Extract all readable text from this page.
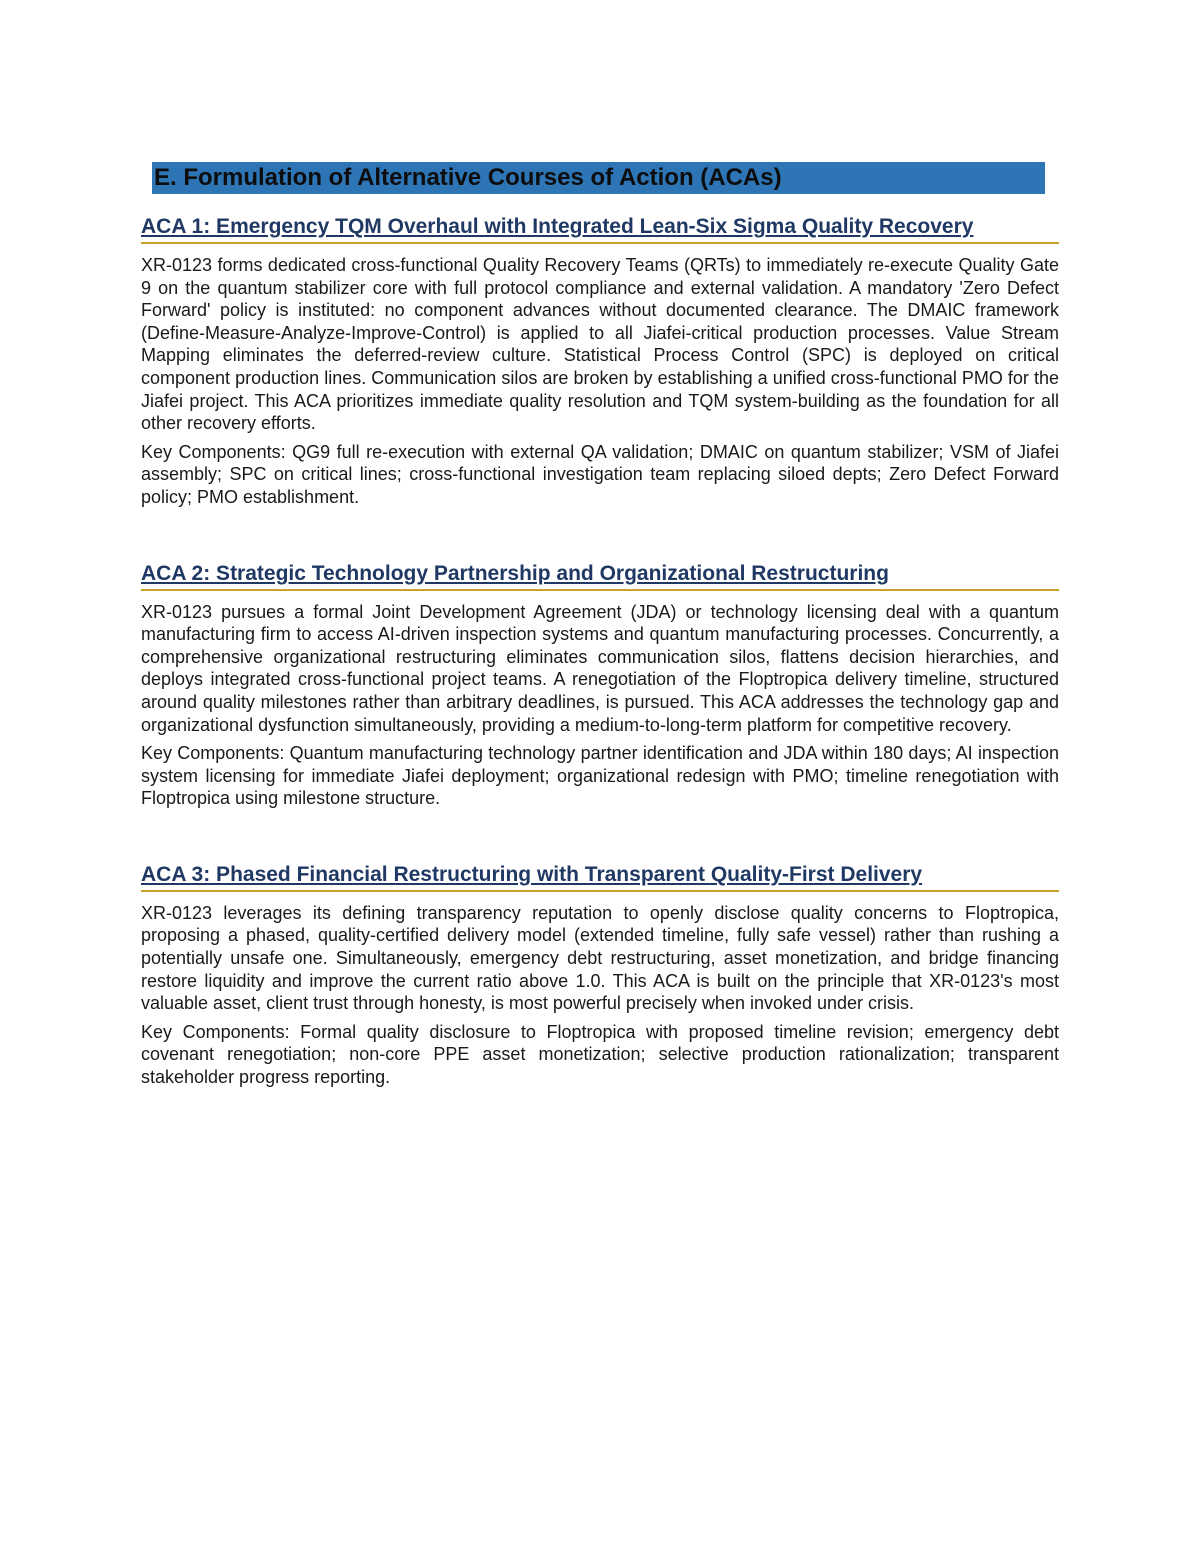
E. Formulation of Alternative Courses of Action (ACAs)
ACA 1: Emergency TQM Overhaul with Integrated Lean-Six Sigma Quality Recovery

XR-0123 forms dedicated cross-functional Quality Recovery Teams (QRTs) to immediately re-execute Quality Gate 9 on the quantum stabilizer core with full protocol compliance and external validation. A mandatory 'Zero Defect Forward' policy is instituted: no component advances without documented clearance. The DMAIC framework (Define-Measure-Analyze-Improve-Control) is applied to all Jiafei-critical production processes. Value Stream Mapping eliminates the deferred-review culture. Statistical Process Control (SPC) is deployed on critical component production lines. Communication silos are broken by establishing a unified cross-functional PMO for the Jiafei project. This ACA prioritizes immediate quality resolution and TQM system-building as the foundation for all other recovery efforts.

Key Components: QG9 full re-execution with external QA validation; DMAIC on quantum stabilizer; VSM of Jiafei assembly; SPC on critical lines; cross-functional investigation team replacing siloed depts; Zero Defect Forward policy; PMO establishment.

ACA 2: Strategic Technology Partnership and Organizational Restructuring

XR-0123 pursues a formal Joint Development Agreement (JDA) or technology licensing deal with a quantum manufacturing firm to access AI-driven inspection systems and quantum manufacturing processes. Concurrently, a comprehensive organizational restructuring eliminates communication silos, flattens decision hierarchies, and deploys integrated cross-functional project teams. A renegotiation of the Floptropica delivery timeline, structured around quality milestones rather than arbitrary deadlines, is pursued. This ACA addresses the technology gap and organizational dysfunction simultaneously, providing a medium-to-long-term platform for competitive recovery.

Key Components: Quantum manufacturing technology partner identification and JDA within 180 days; AI inspection system licensing for immediate Jiafei deployment; organizational redesign with PMO; timeline renegotiation with Floptropica using milestone structure.

ACA 3: Phased Financial Restructuring with Transparent Quality-First Delivery

XR-0123 leverages its defining transparency reputation to openly disclose quality concerns to Floptropica, proposing a phased, quality-certified delivery model (extended timeline, fully safe vessel) rather than rushing a potentially unsafe one. Simultaneously, emergency debt restructuring, asset monetization, and bridge financing restore liquidity and improve the current ratio above 1.0. This ACA is built on the principle that XR-0123's most valuable asset, client trust through honesty, is most powerful precisely when invoked under crisis.

Key Components: Formal quality disclosure to Floptropica with proposed timeline revision; emergency debt covenant renegotiation; non-core PPE asset monetization; selective production rationalization; transparent stakeholder progress reporting.
